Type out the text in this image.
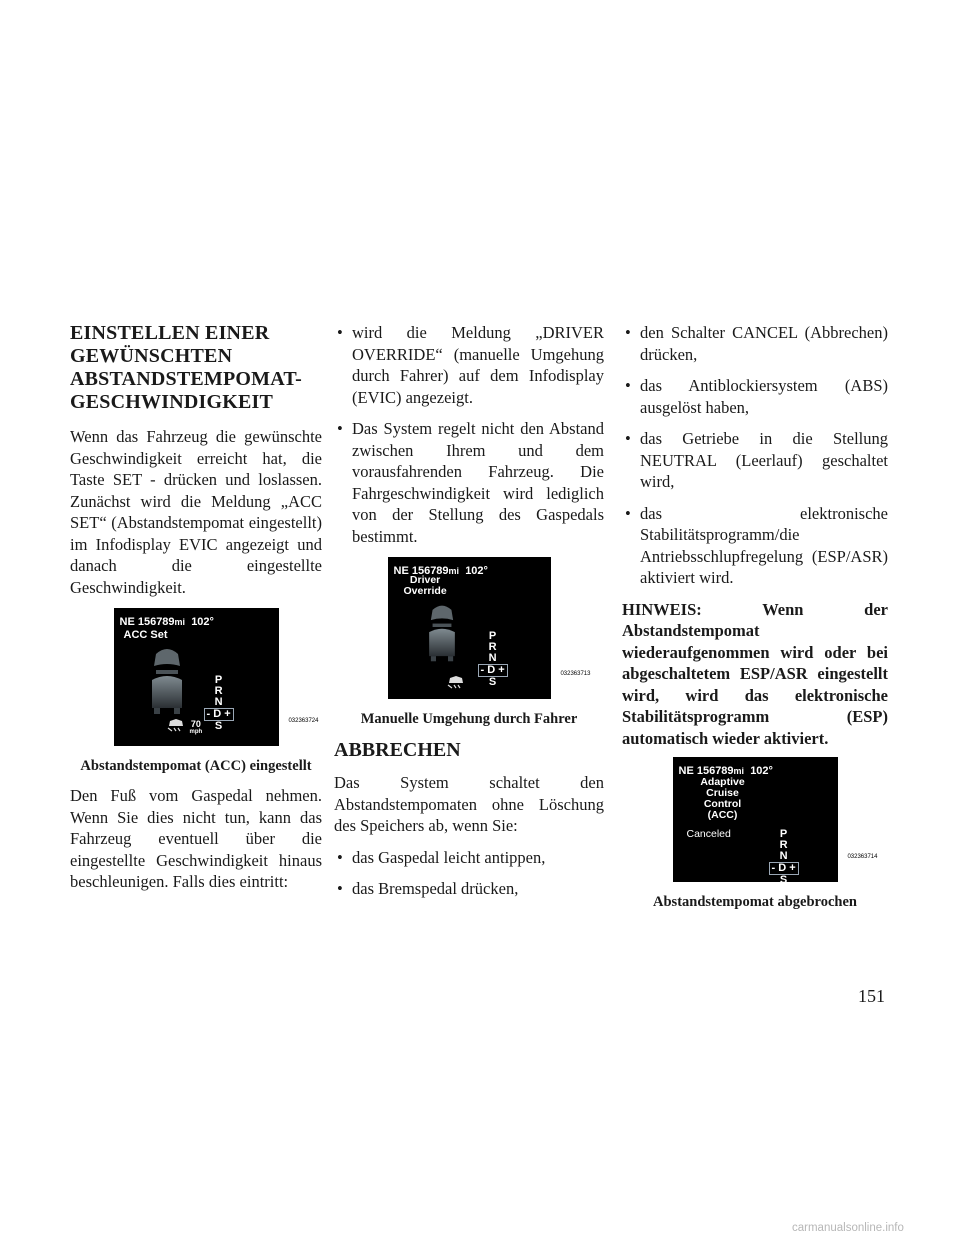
EINSTELLEN EINER
GEWÜNSCHTEN
ABSTANDSTEMPOMAT-
GESCHWINDIGKEIT

Wenn das Fahrzeug die gewünschte Geschwindigkeit erreicht hat, die Taste SET - drücken und loslassen. Zunächst wird die Meldung „ACC SET“ (Abstandstempomat eingestellt) im Infodisplay EVIC angezeigt und danach die eingestellte Geschwindigkeit.

NE 156789mi 102°
ACC Set
70
mph
P
R
N
- D +
S	032363724
Abstandstempomat (ACC) eingestellt

Den Fuß vom Gaspedal nehmen. Wenn Sie dies nicht tun, kann das Fahrzeug eventuell über die eingestellte Geschwindigkeit hinaus beschleunigen. Falls dies eintritt:

• wird die Meldung „DRIVER OVERRIDE“ (manuelle Umgehung durch Fahrer) auf dem Infodisplay (EVIC) angezeigt.
• Das System regelt nicht den Abstand zwischen Ihrem und dem vorausfahrenden Fahrzeug. Die Fahrgeschwindigkeit wird lediglich von der Stellung des Gaspedals bestimmt.
NE 156789mi 102°
Driver
Override
P
R
N
- D +
S
032363713
Manuelle Umgehung durch Fahrer
ABBRECHEN

Das System schaltet den Abstandstempomaten ohne Löschung des Speichers ab, wenn Sie:

• das Gaspedal leicht antippen,
• das Bremspedal drücken,
• den Schalter CANCEL (Abbrechen) drücken,
• das Antiblockiersystem (ABS) ausgelöst haben,
• das Getriebe in die Stellung NEUTRAL (Leerlauf) geschaltet wird,
• das elektronische Stabilitätsprogramm/die Antriebsschlupfregelung (ESP/ASR) aktiviert wird.

HINWEIS: Wenn der Abstandstempomat wiederaufgenommen wird oder bei abgeschaltetem ESP/ASR eingestellt wird, wird das elektronische Stabilitätsprogramm (ESP) automatisch wieder aktiviert.

NE 156789mi 102°
Adaptive
Cruise
Control
(ACC)
Canceled	P
R
N
- D +
S
032363714
Abstandstempomat abgebrochen
151
carmanualsonline.info
